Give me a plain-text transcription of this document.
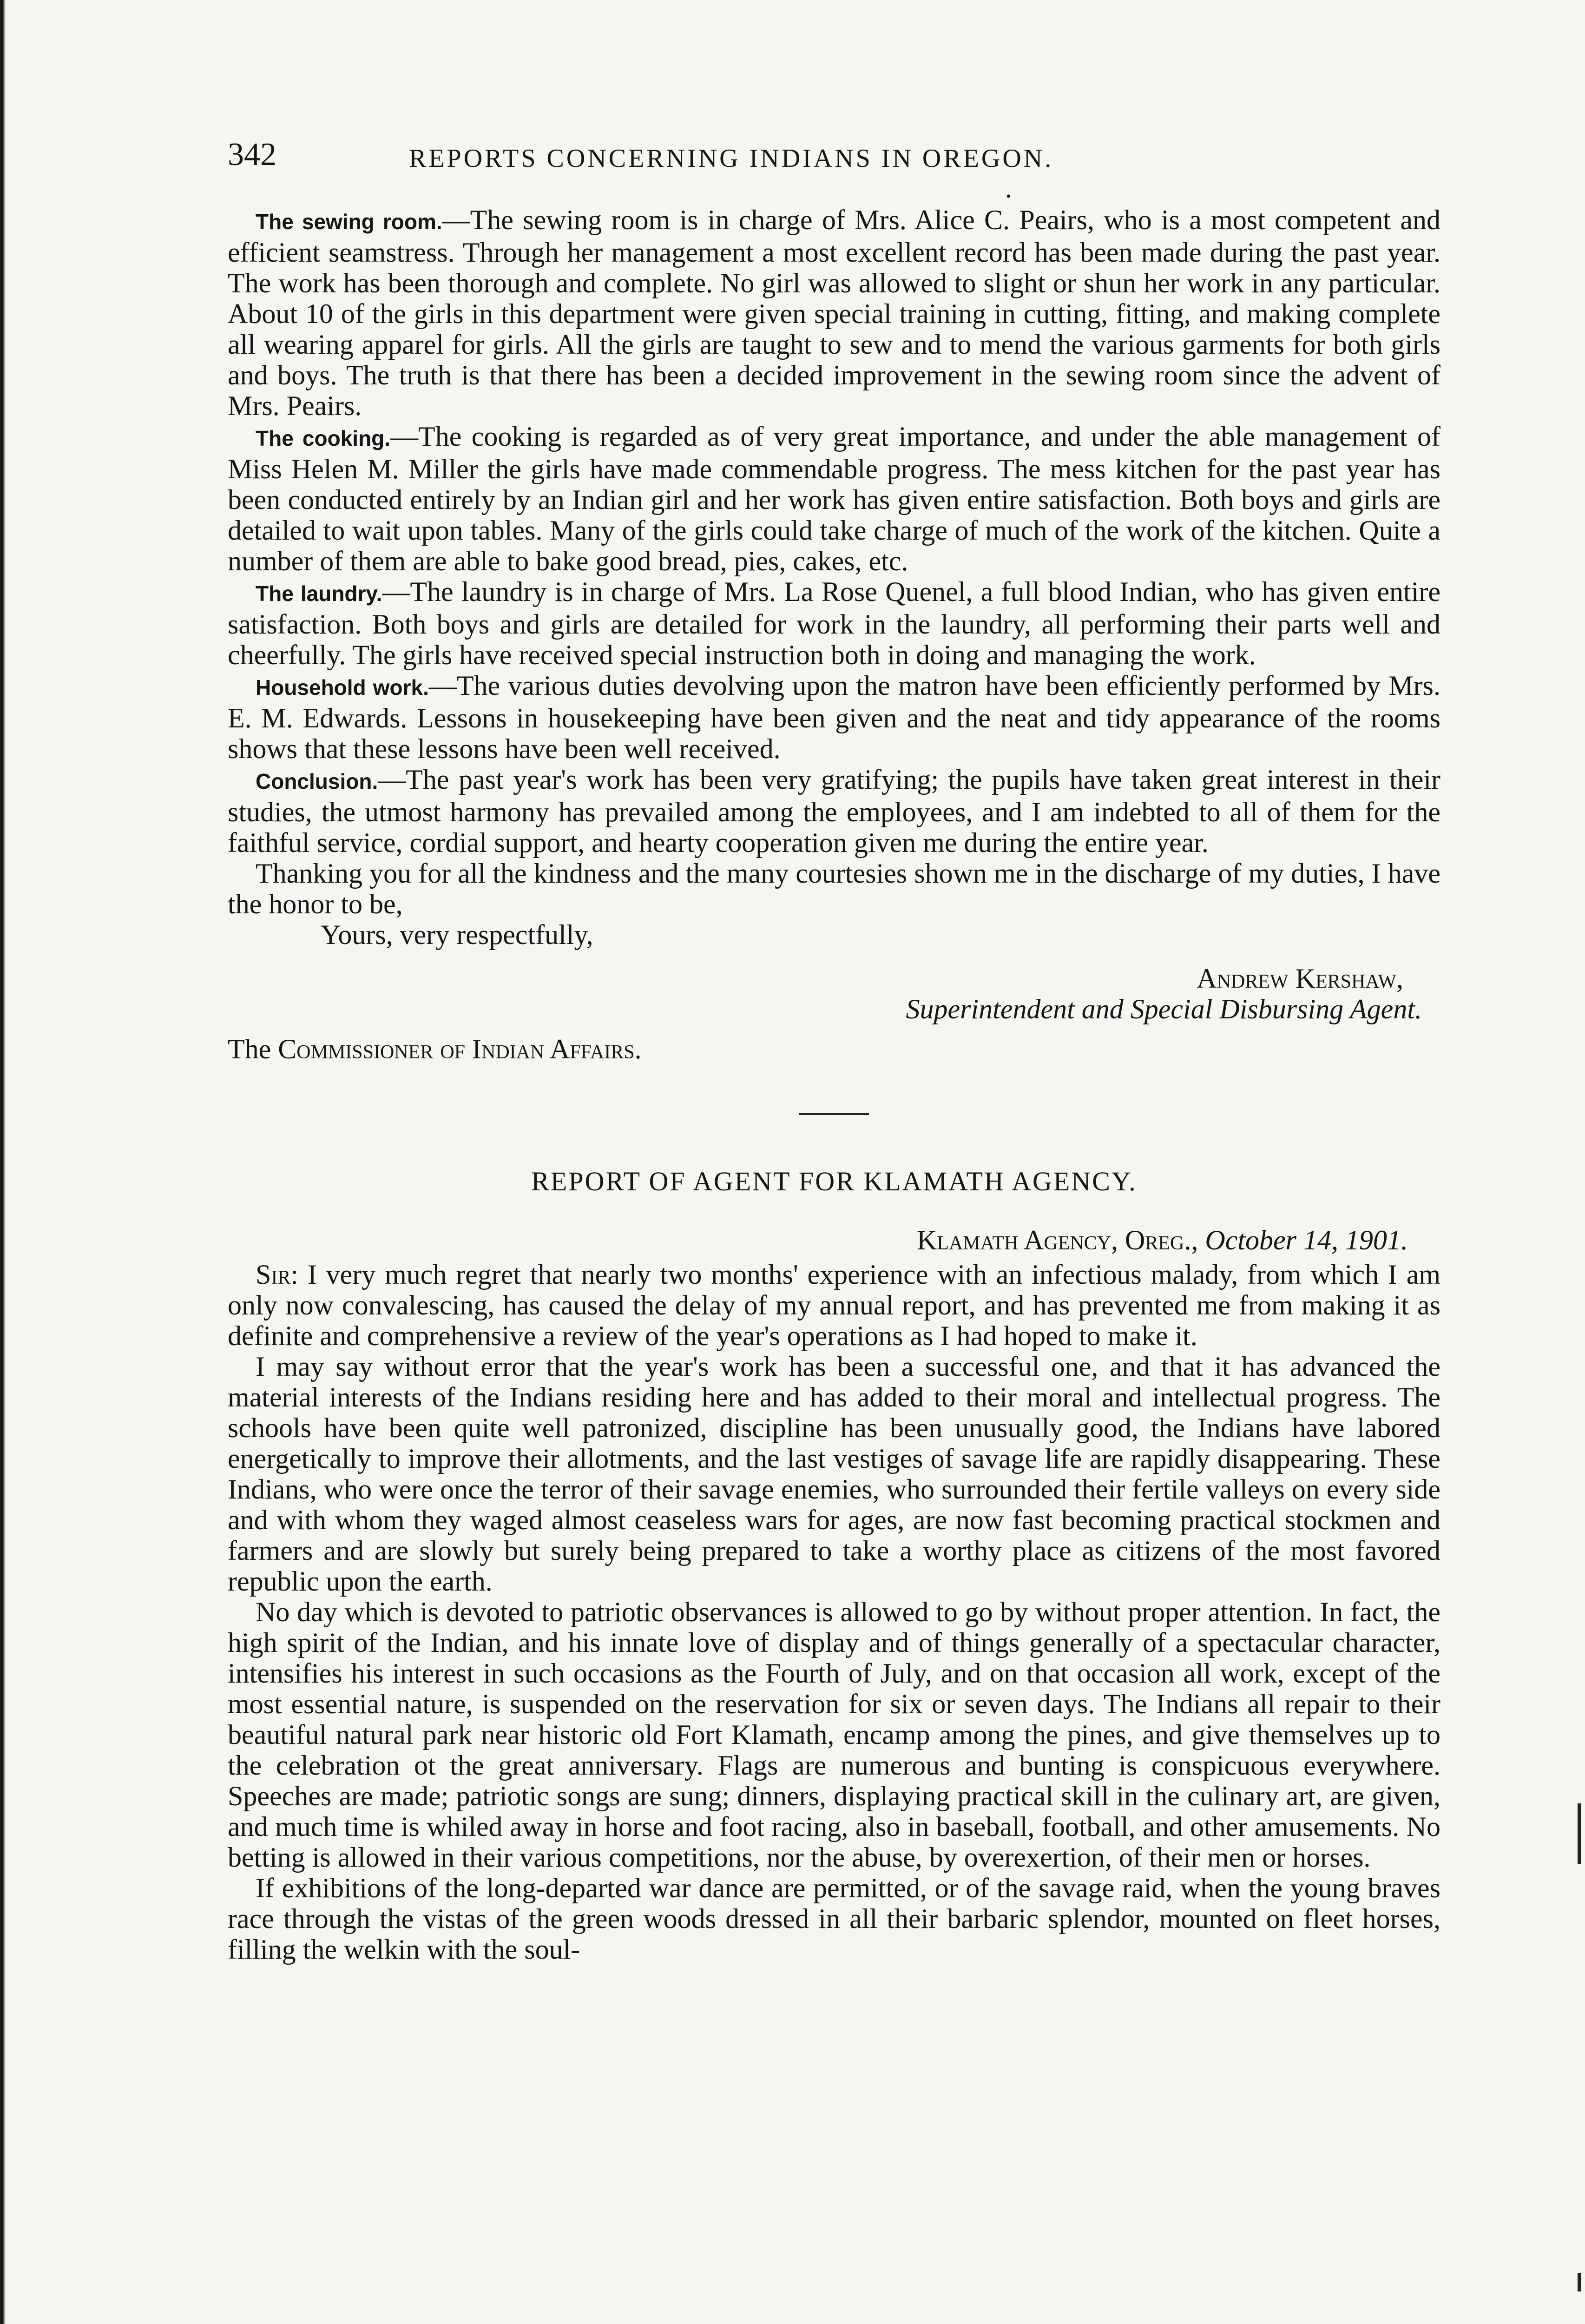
342	REPORTS CONCERNING INDIANS IN OREGON.
•

The sewing room.—The sewing room is in charge of Mrs. Alice C. Peairs, who is a most competent and efficient seamstress. Through her management a most excellent record has been made during the past year. The work has been thorough and complete. No girl was allowed to slight or shun her work in any particular. About 10 of the girls in this department were given special training in cutting, fitting, and making complete all wearing apparel for girls. All the girls are taught to sew and to mend the various garments for both girls and boys. The truth is that there has been a decided improvement in the sewing room since the advent of Mrs. Peairs.

The cooking.—The cooking is regarded as of very great importance, and under the able management of Miss Helen M. Miller the girls have made commendable progress. The mess kitchen for the past year has been conducted entirely by an Indian girl and her work has given entire satisfaction. Both boys and girls are detailed to wait upon tables. Many of the girls could take charge of much of the work of the kitchen. Quite a number of them are able to bake good bread, pies, cakes, etc.

The laundry.—The laundry is in charge of Mrs. La Rose Quenel, a full blood Indian, who has given entire satisfaction. Both boys and girls are detailed for work in the laundry, all performing their parts well and cheerfully. The girls have received special instruction both in doing and managing the work.

Household work.—The various duties devolving upon the matron have been efficiently performed by Mrs. E. M. Edwards. Lessons in housekeeping have been given and the neat and tidy appearance of the rooms shows that these lessons have been well received.

Conclusion.—The past year's work has been very gratifying; the pupils have taken great interest in their studies, the utmost harmony has prevailed among the employees, and I am indebted to all of them for the faithful service, cordial support, and hearty cooperation given me during the entire year.

Thanking you for all the kindness and the many courtesies shown me in the discharge of my duties, I have the honor to be,

Yours, very respectfully,

Andrew Kershaw,
Superintendent and Special Disbursing Agent.

The Commissioner of Indian Affairs.

REPORT OF AGENT FOR KLAMATH AGENCY.
Klamath Agency, Oreg., October 14, 1901.

Sir: I very much regret that nearly two months' experience with an infectious malady, from which I am only now convalescing, has caused the delay of my annual report, and has prevented me from making it as definite and comprehensive a review of the year's operations as I had hoped to make it.

I may say without error that the year's work has been a successful one, and that it has advanced the material interests of the Indians residing here and has added to their moral and intellectual progress. The schools have been quite well patronized, discipline has been unusually good, the Indians have labored energetically to improve their allotments, and the last vestiges of savage life are rapidly disappearing. These Indians, who were once the terror of their savage enemies, who surrounded their fertile valleys on every side and with whom they waged almost ceaseless wars for ages, are now fast becoming practical stockmen and farmers and are slowly but surely being prepared to take a worthy place as citizens of the most favored republic upon the earth.

No day which is devoted to patriotic observances is allowed to go by without proper attention. In fact, the high spirit of the Indian, and his innate love of display and of things generally of a spectacular character, intensifies his interest in such occasions as the Fourth of July, and on that occasion all work, except of the most essential nature, is suspended on the reservation for six or seven days. The Indians all repair to their beautiful natural park near historic old Fort Klamath, encamp among the pines, and give themselves up to the celebration ot the great anniversary. Flags are numerous and bunting is conspicuous everywhere. Speeches are made; patriotic songs are sung; dinners, displaying practical skill in the culinary art, are given, and much time is whiled away in horse and foot racing, also in baseball, football, and other amusements. No betting is allowed in their various competitions, nor the abuse, by overexertion, of their men or horses.

If exhibitions of the long-departed war dance are permitted, or of the savage raid, when the young braves race through the vistas of the green woods dressed in all their barbaric splendor, mounted on fleet horses, filling the welkin with the soul-
